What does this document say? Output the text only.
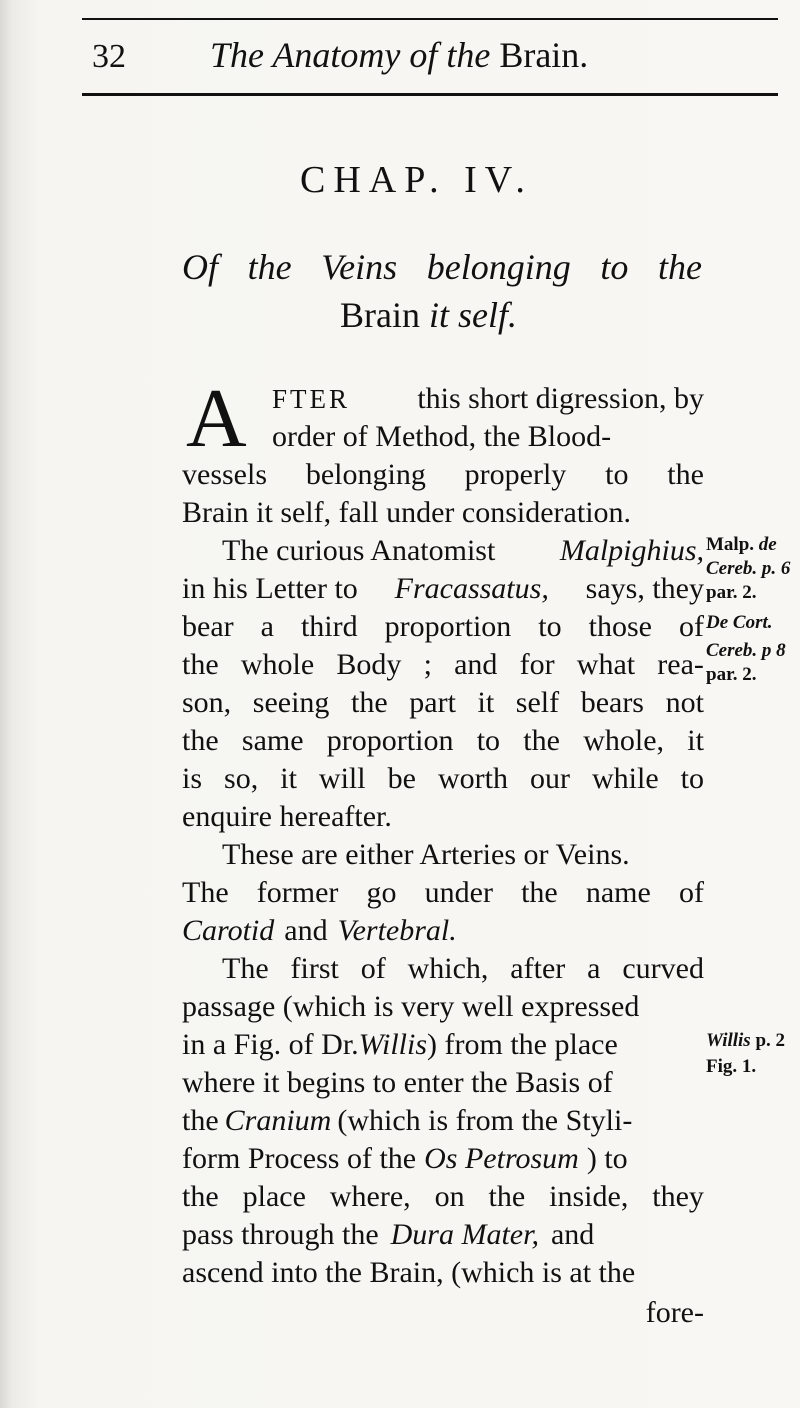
32 The Anatomy of the Brain.
CHAP. IV.
Of the Veins belonging to the
Brain it self.
A FTER this short digression, by
order of Method, the Blood-
vessels belonging properly to the
Brain it self, fall under consideration.
The curious Anatomist Malpighius,
in his Letter to Fracassatus, says, they
bear a third proportion to those of
the whole Body ; and for what rea-
son, seeing the part it self bears not
the same proportion to the whole, it
is so, it will be worth our while to
enquire hereafter.
These are either Arteries or Veins.
The former go under the name of
Carotid and Vertebral.
The first of which, after a curved
passage (which is very well expressed
in a Fig. of Dr. Willis ) from the place
where it begins to enter the Basis of
the Cranium (which is from the Styli-
form Process of the Os Petrosum ) to
the place where, on the inside, they
pass through the Dura Mater, and
ascend into the Brain, (which is at the
fore-
Malp. de
Cereb. p. 6
par. 2.
De Cort.
Cereb. p 8
par. 2.
Willis p. 2
Fig. 1.
